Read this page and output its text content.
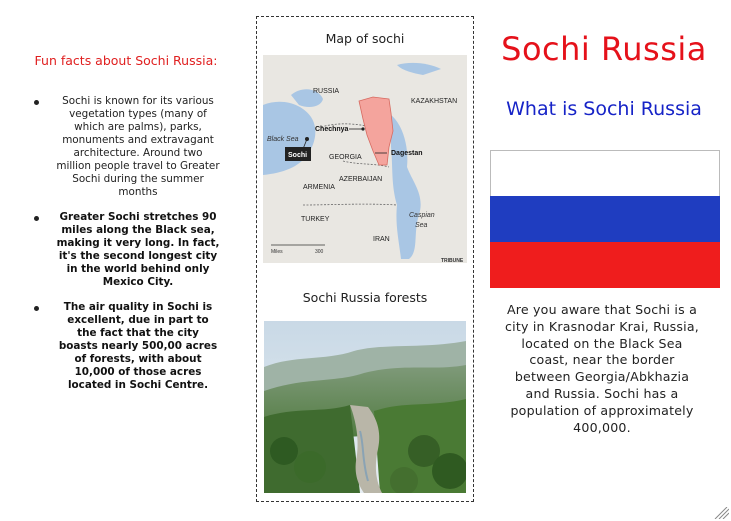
Fun facts about Sochi Russia:
Sochi is known for its various vegetation types (many of which are palms), parks, monuments and extravagant architecture. Around two million people travel to Greater Sochi during the summer months
Greater Sochi stretches 90 miles along the Black sea, making it very long. In fact, it's the second longest city in the world behind only Mexico City.
The air quality in Sochi is excellent, due in part to the fact that the city boasts nearly 500,00 acres of forests, with about 10,000 of those acres located in Sochi Centre.
Map of sochi
RUSSIA
KAZAKHSTAN
Black Sea
Chechnya
Dagestan
Sochi	GEORGIA
ARMENIA
AZERBAIJAN
Caspian
Sea
TURKEY
IRAN
Miles	300
TRIBUNE
Sochi Russia forests
Sochi Russia
What is Sochi Russia
Are you aware that Sochi is a city in Krasnodar Krai, Russia, located on the Black Sea coast, near the border between Georgia/Abkhazia and Russia. Sochi has a population of approximately 400,000.
